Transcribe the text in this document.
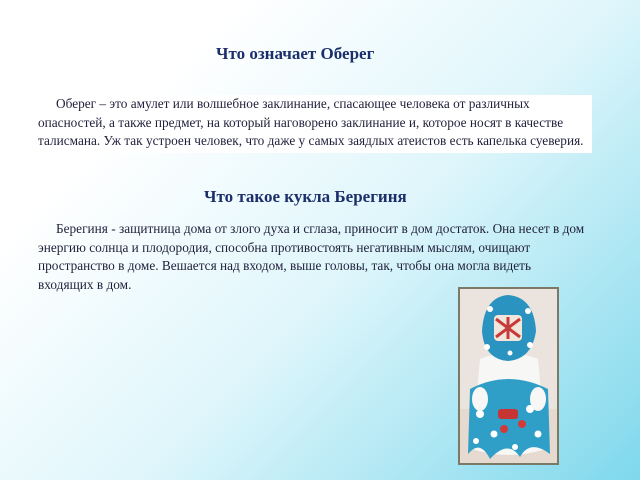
Что означает Оберег
Оберег – это амулет или волшебное заклинание, спасающее человека от различных опасностей, а также предмет, на который наговорено заклинание и, которое носят в качестве талисмана. Уж так устроен человек, что даже у самых заядлых атеистов есть капелька суеверия.
Что такое кукла Берегиня
Берегиня - защитница дома от злого духа и сглаза, приносит в дом достаток. Она несет в дом энергию солнца и плодородия, способна противостоять негативным мыслям, очищают пространство в доме. Вешается над входом, выше головы, так, чтобы она могла видеть входящих в дом.
